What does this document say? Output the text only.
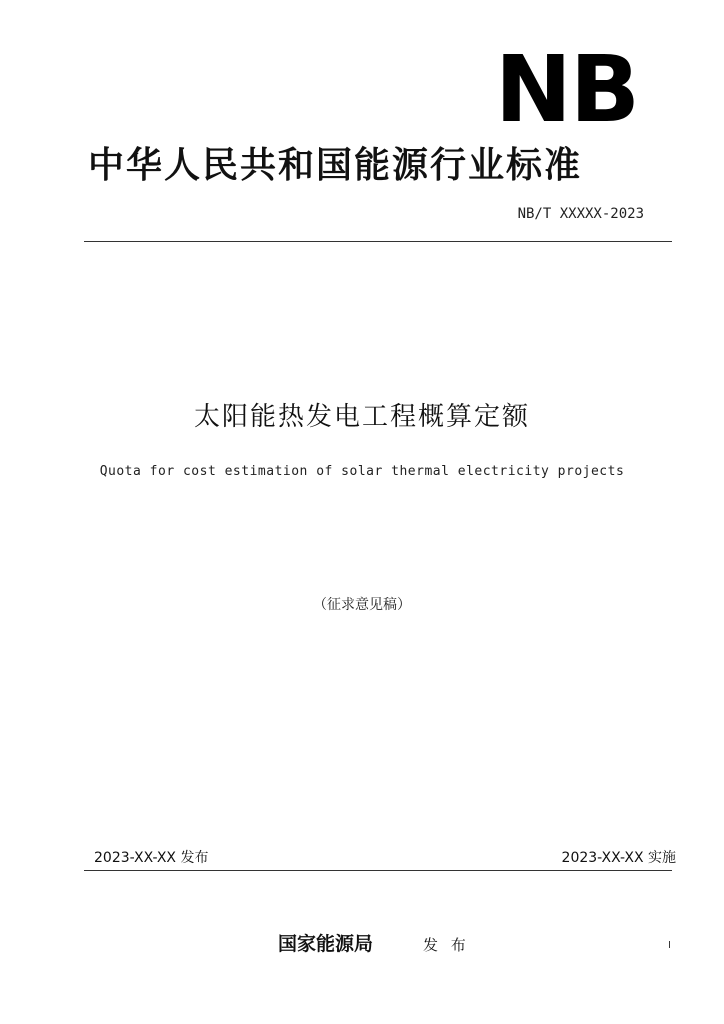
NB
中华人民共和国能源行业标准
NB/T XXXXX-2023
太阳能热发电工程概算定额
Quota for cost estimation of solar thermal electricity projects
（征求意见稿）
2023-XX-XX 发布	2023-XX-XX 实施
国家能源局	发 布	I
